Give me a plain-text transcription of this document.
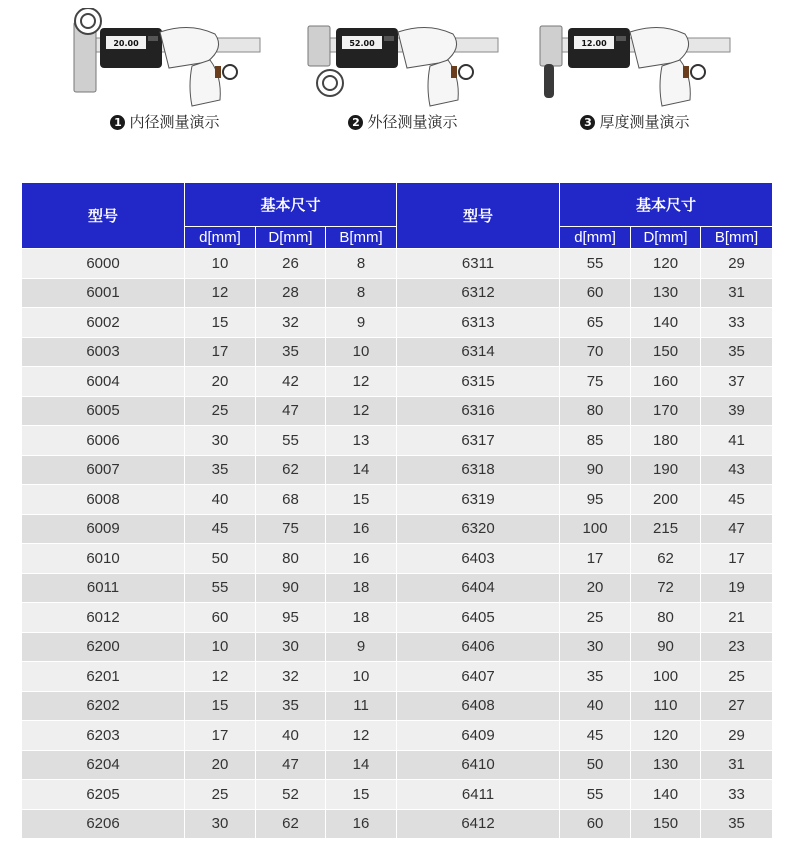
20.00
1 内径测量演示
52.00
2 外径测量演示
12.00
3 厚度测量演示
型号	基本尺寸			型号	基本尺寸		
	d[mm]	D[mm]	B[mm]		d[mm]	D[mm]	B[mm]
6000	10	26	8	6311	55	120	29
6001	12	28	8	6312	60	130	31
6002	15	32	9	6313	65	140	33
6003	17	35	10	6314	70	150	35
6004	20	42	12	6315	75	160	37
6005	25	47	12	6316	80	170	39
6006	30	55	13	6317	85	180	41
6007	35	62	14	6318	90	190	43
6008	40	68	15	6319	95	200	45
6009	45	75	16	6320	100	215	47
6010	50	80	16	6403	17	62	17
6011	55	90	18	6404	20	72	19
6012	60	95	18	6405	25	80	21
6200	10	30	9	6406	30	90	23
6201	12	32	10	6407	35	100	25
6202	15	35	11	6408	40	110	27
6203	17	40	12	6409	45	120	29
6204	20	47	14	6410	50	130	31
6205	25	52	15	6411	55	140	33
6206	30	62	16	6412	60	150	35
